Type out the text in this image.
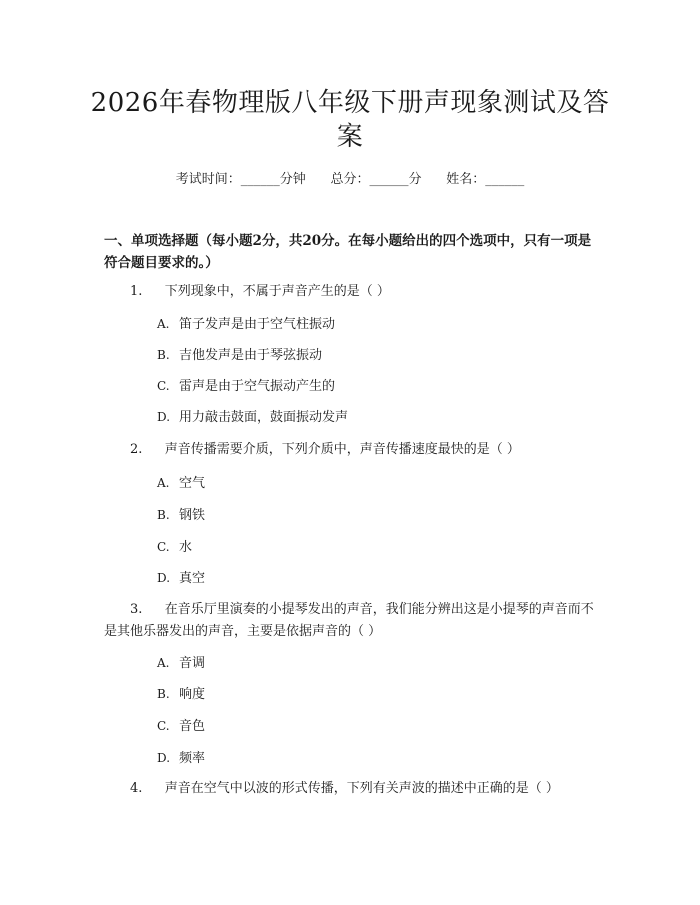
2026年春物理版八年级下册声现象测试及答案
考试时间：______分钟      总分：______分      姓名：______
一、单项选择题（每小题2分，共20分。在每小题给出的四个选项中，只有一项是符合题目要求的。）
1. 下列现象中，不属于声音产生的是（ ）
A. 笛子发声是由于空气柱振动
B. 吉他发声是由于琴弦振动
C. 雷声是由于空气振动产生的
D. 用力敲击鼓面，鼓面振动发声
2. 声音传播需要介质，下列介质中，声音传播速度最快的是（ ）
A. 空气
B. 钢铁
C. 水
D. 真空
3. 在音乐厅里演奏的小提琴发出的声音，我们能分辨出这是小提琴的声音而不是其他乐器发出的声音，主要是依据声音的（ ）
A. 音调
B. 响度
C. 音色
D. 频率
4. 声音在空气中以波的形式传播，下列有关声波的描述中正确的是（ ）
